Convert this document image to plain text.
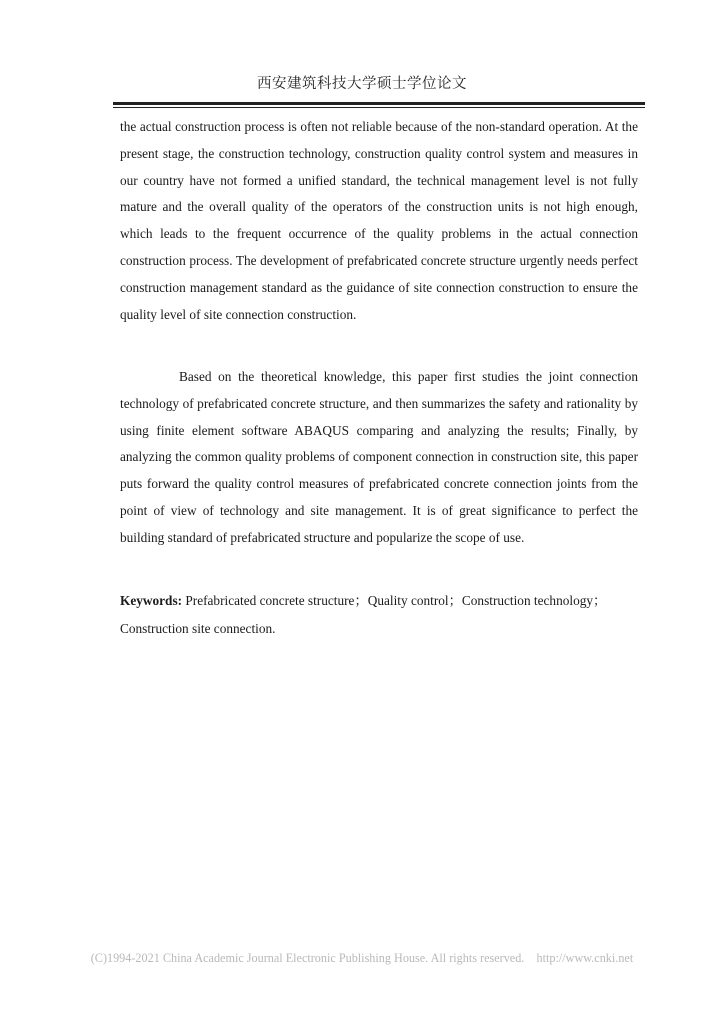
西安建筑科技大学硕士学位论文

the actual construction process is often not reliable because of the non-standard operation. At the present stage, the construction technology, construction quality control system and measures in our country have not formed a unified standard, the technical management level is not fully mature and the overall quality of the operators of the construction units is not high enough, which leads to the frequent occurrence of the quality problems in the actual connection construction process. The development of prefabricated concrete structure urgently needs perfect construction management standard as the guidance of site connection construction to ensure the quality level of site connection construction.

Based on the theoretical knowledge, this paper first studies the joint connection technology of prefabricated concrete structure, and then summarizes the safety and rationality by using finite element software ABAQUS comparing and analyzing the results; Finally, by analyzing the common quality problems of component connection in construction site, this paper puts forward the quality control measures of prefabricated concrete connection joints from the point of view of technology and site management. It is of great significance to perfect the building standard of prefabricated structure and popularize the scope of use.

Keywords: Prefabricated concrete structure；Quality control；Construction technology；Construction site connection.

(C)1994-2021 China Academic Journal Electronic Publishing House. All rights reserved.    http://www.cnki.net
